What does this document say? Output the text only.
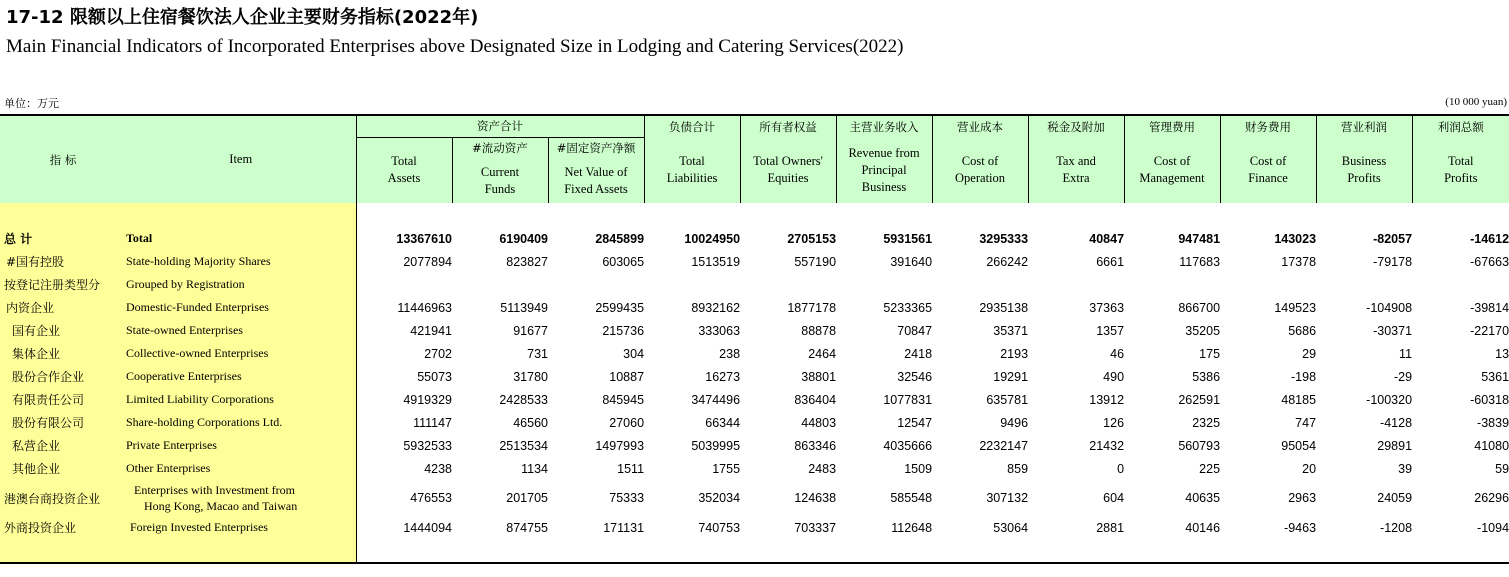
17-12 限额以上住宿餐饮法人企业主要财务指标(2022年)
Main Financial Indicators of Incorporated Enterprises above Designated Size in Lodging and Catering Services(2022)
单位：万元	(10 000 yuan)
指 标	Item	资产合计			负债合计	所有者权益	主营业务收入	营业成本	税金及附加	管理费用	财务费用	营业利润	利润总额

		Total Assets	#流动资产	#固定资产净额	Total Liabilities	Total Owners' Equities	Revenue from Principal Business	Cost of Operation	Tax and Extra	Cost of Management	Cost of Finance	Business Profits	Total Profits

			Current Funds	Net Value of Fixed Assets									

总 计	Total	13367610	6190409	2845899	10024950	2705153	5931561	3295333	40847	947481	143023	-82057	-14612
#国有控股	State-holding Majority Shares	2077894	823827	603065	1513519	557190	391640	266242	6661	117683	17378	-79178	-67663
按登记注册类型分	Grouped by Registration												
内资企业	Domestic-Funded Enterprises	11446963	5113949	2599435	8932162	1877178	5233365	2935138	37363	866700	149523	-104908	-39814
国有企业	State-owned Enterprises	421941	91677	215736	333063	88878	70847	35371	1357	35205	5686	-30371	-22170
集体企业	Collective-owned Enterprises	2702	731	304	238	2464	2418	2193	46	175	29	11	13
股份合作企业	Cooperative Enterprises	55073	31780	10887	16273	38801	32546	19291	490	5386	-198	-29	5361
有限责任公司	Limited Liability Corporations	4919329	2428533	845945	3474496	836404	1077831	635781	13912	262591	48185	-100320	-60318
股份有限公司	Share-holding Corporations Ltd.	111147	46560	27060	66344	44803	12547	9496	126	2325	747	-4128	-3839
私营企业	Private Enterprises	5932533	2513534	1497993	5039995	863346	4035666	2232147	21432	560793	95054	29891	41080
其他企业	Other Enterprises	4238	1134	1511	1755	2483	1509	859	0	225	20	39	59
港澳台商投资企业	Enterprises with Investment from
Hong Kong, Macao and Taiwan	476553	201705	75333	352034	124638	585548	307132	604	40635	2963	24059	26296
外商投资企业	Foreign Invested Enterprises	1444094	874755	171131	740753	703337	112648	53064	2881	40146	-9463	-1208	-1094
